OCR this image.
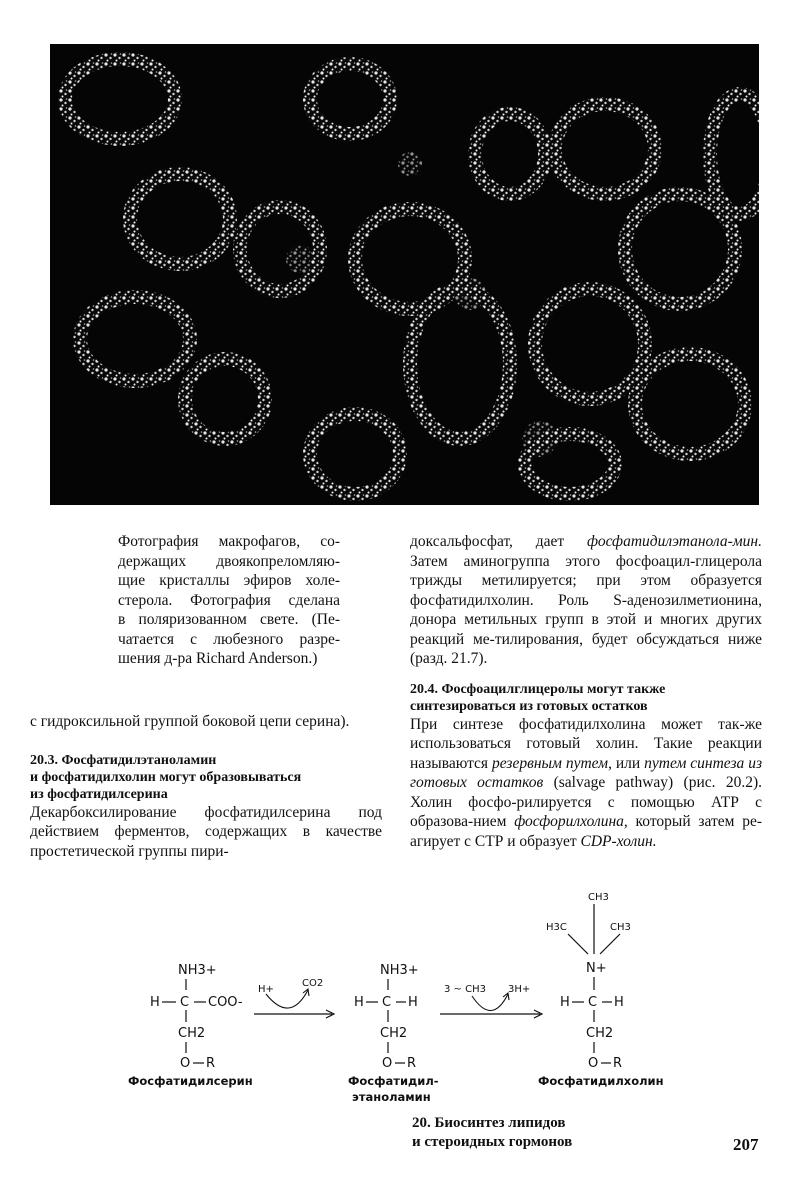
Фотография макрофагов, со-
держащих двоякопреломляю-
щие кристаллы эфиров холе-
стерола. Фотография сделана
в поляризованном свете. (Пе-
чатается с любезного разре-
шения д-ра Richard Anderson.)

с гидроксильной группой боковой цепи серина).

20.3. Фосфатидилэтаноламин
и фосфатидилхолин могут образовываться
из фосфатидилсерина

Декарбоксилирование фосфатидилсерина под действием ферментов, содержащих в качестве простетической группы пири-

доксальфосфат, дает фосфатидилэтанола-мин. Затем аминогруппа этого фосфоацил-глицерола трижды метилируется; при этом образуется фосфатидилхолин. Роль S-аденозилметионина, донора метильных групп в этой и многих других реакций ме-тилирования, будет обсуждаться ниже (разд. 21.7).

20.4. Фосфоацилглицеролы могут также
синтезироваться из готовых остатков

При синтезе фосфатидилхолина может так-же использоваться готовый холин. Такие реакции называются резервным путем, или путем синтеза из готовых остатков (salvage pathway) (рис. 20.2). Холин фосфо-рилируется с помощью АТР с образова-нием фосфорилхолина, который затем ре-агирует с СТР и образует CDP-холин.

NH3+
H C COO-
CH2
O R
Фосфатидилсерин
H+
CO2
NH3+
H C H
CH2
O R
Фосфатидил-
этаноламин
3 ~ CH3 3H+
CH3
H3C	CH3
N+
H C H
CH2
O R
Фосфатидилхолин
20. Биосинтез липидов
и стероидных гормонов	207
